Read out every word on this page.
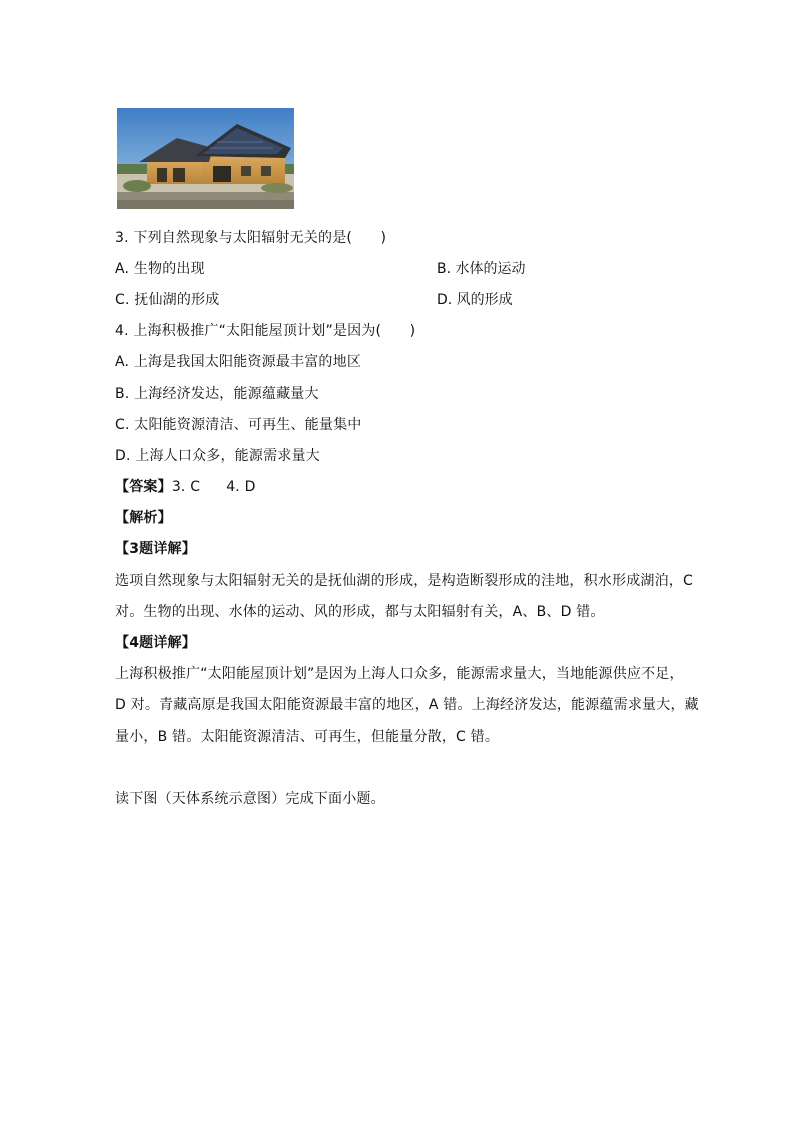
3. 下列自然现象与太阳辐射无关的是(　　)
A. 生物的出现	B. 水体的运动
C. 抚仙湖的形成	D. 风的形成
4. 上海积极推广“太阳能屋顶计划”是因为(　　)
A. 上海是我国太阳能资源最丰富的地区
B. 上海经济发达，能源蕴藏量大
C. 太阳能资源清洁、可再生、能量集中
D. 上海人口众多，能源需求量大
【答案】3. C 4. D
【解析】
【3题详解】
选项自然现象与太阳辐射无关的是抚仙湖的形成，是构造断裂形成的洼地，积水形成湖泊，C
对。生物的出现、水体的运动、风的形成，都与太阳辐射有关，A、B、D 错。
【4题详解】
上海积极推广“太阳能屋顶计划”是因为上海人口众多，能源需求量大，当地能源供应不足，
D 对。青藏高原是我国太阳能资源最丰富的地区，A 错。上海经济发达，能源蕴需求量大，藏
量小，B 错。太阳能资源清洁、可再生，但能量分散，C 错。
读下图（天体系统示意图）完成下面小题。
